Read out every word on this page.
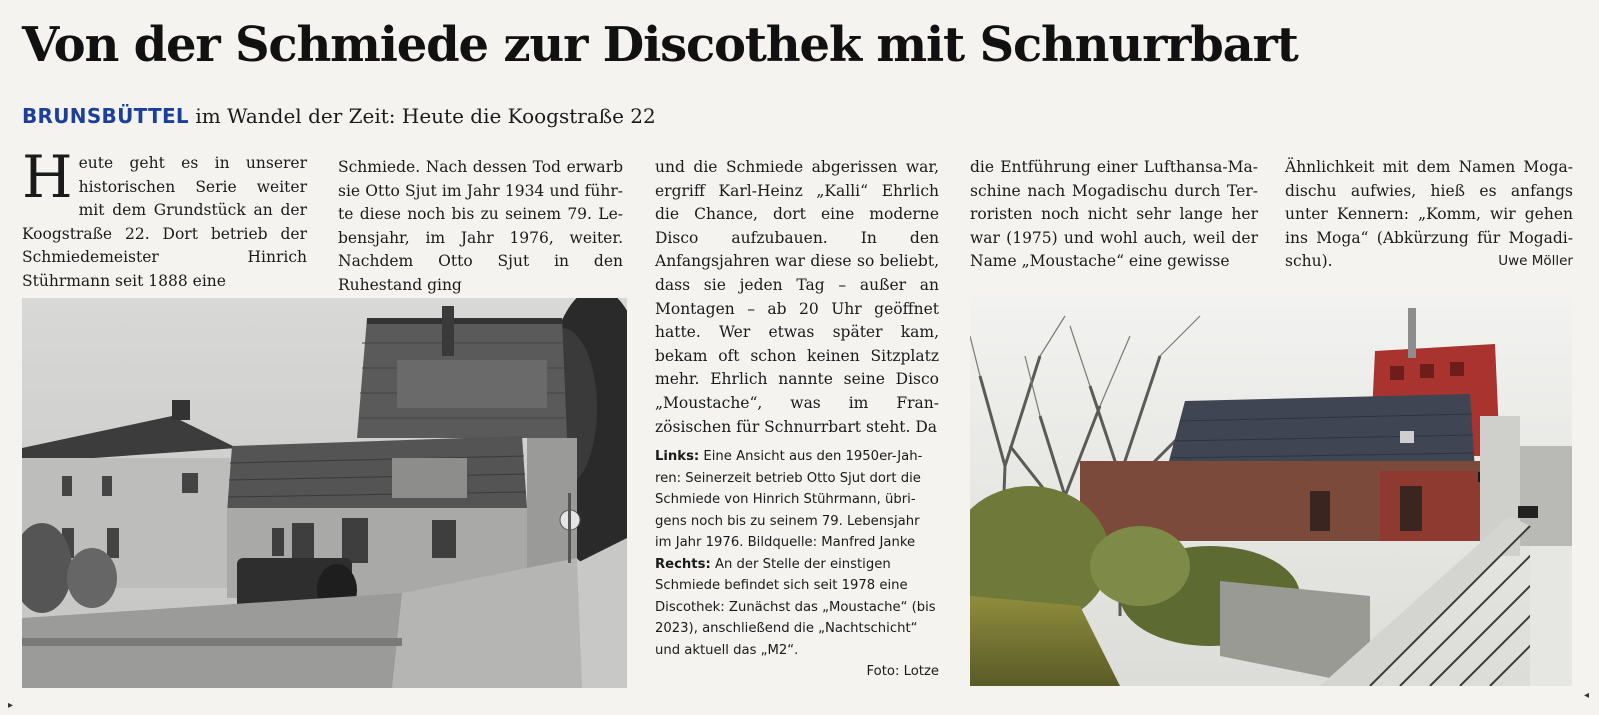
Von der Schmiede zur Discothek mit Schnurrbart
BRUNSBÜTTEL im Wandel der Zeit: Heute die Koogstraße 22
H eute geht es in unserer historischen Serie weiter mit dem Grundstück an der Koogstraße 22. Dort betrieb der Schmiedemeister Hinrich Stührmann seit 1888 eine

Schmiede. Nach dessen Tod erwarb sie Otto Sjut im Jahr 1934 und führte diese noch bis zu seinem 79. Lebensjahr, im Jahr 1976, weiter. Nachdem Otto Sjut in den Ruhestand ging

und die Schmiede abgerissen war, ergriff Karl-Heinz „Kalli“ Ehrlich die Chance, dort eine moderne Disco aufzubauen. In den Anfangsjahren war diese so beliebt, dass sie jeden Tag – außer an Montagen – ab 20 Uhr geöffnet hatte. Wer etwas später kam, bekam oft schon keinen Sitzplatz mehr. Ehrlich nannte seine Disco „Moustache“, was im Französischen für Schnurrbart steht. Da

die Entführung einer Lufthansa-Maschine nach Mogadischu durch Terroristen noch nicht sehr lange her war (1975) und wohl auch, weil der Name „Moustache“ eine gewisse

Ähnlichkeit mit dem Namen Mogadischu aufwies, hieß es anfangs unter Kennern: „Komm, wir gehen ins Moga“ (Abkürzung für Mogadischu).	Uwe Möller

Links: Eine Ansicht aus den 1950er-Jahren: Seinerzeit betrieb Otto Sjut dort die Schmiede von Hinrich Stührmann, übrigens noch bis zu seinem 79. Lebensjahr im Jahr 1976. Bildquelle: Manfred Janke
Rechts: An der Stelle der einstigen Schmiede befindet sich seit 1978 eine Discothek: Zunächst das „Moustache“ (bis 2023), anschließend die „Nachtschicht“ und aktuell das „M2“.
Foto: Lotze
▸
◂
